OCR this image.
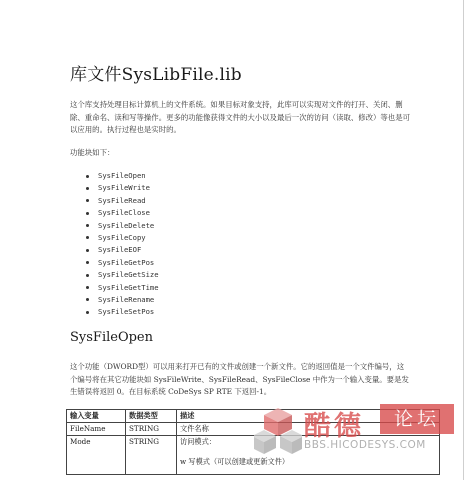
库文件SysLibFile.lib
这个库支持处理目标计算机上的文件系统。如果目标对象支持，此库可以实现对文件的打开、关闭、删除、重命名、读和写等操作。更多的功能像获得文件的大小以及最后一次的访问（读取、修改）等也是可以应用的。执行过程也是实时的。
功能块如下：
SysFileOpen
SysFileWrite
SysFileRead
SysFileClose
SysFileDelete
SysFileCopy
SysFileEOF
SysFileGetPos
SysFileGetSize
SysFileGetTime
SysFileRename
SysFileSetPos
SysFileOpen
这个功能（DWORD型）可以用来打开已有的文件或创建一个新文件。它的返回值是一个文件编号，这个编号将在其它功能块如 SysFileWrite、SysFileRead、SysFileClose 中作为一个输入变量。要是发生错误将返回 0。在目标系统 CoDeSys SP RTE 下返回-1。
输入变量	数据类型	描述
FileName	STRING	文件名称
Mode	STRING	访问模式：
w 写模式（可以创建或更新文件）
酷德	论坛
BBS.HICODESYS.COM
